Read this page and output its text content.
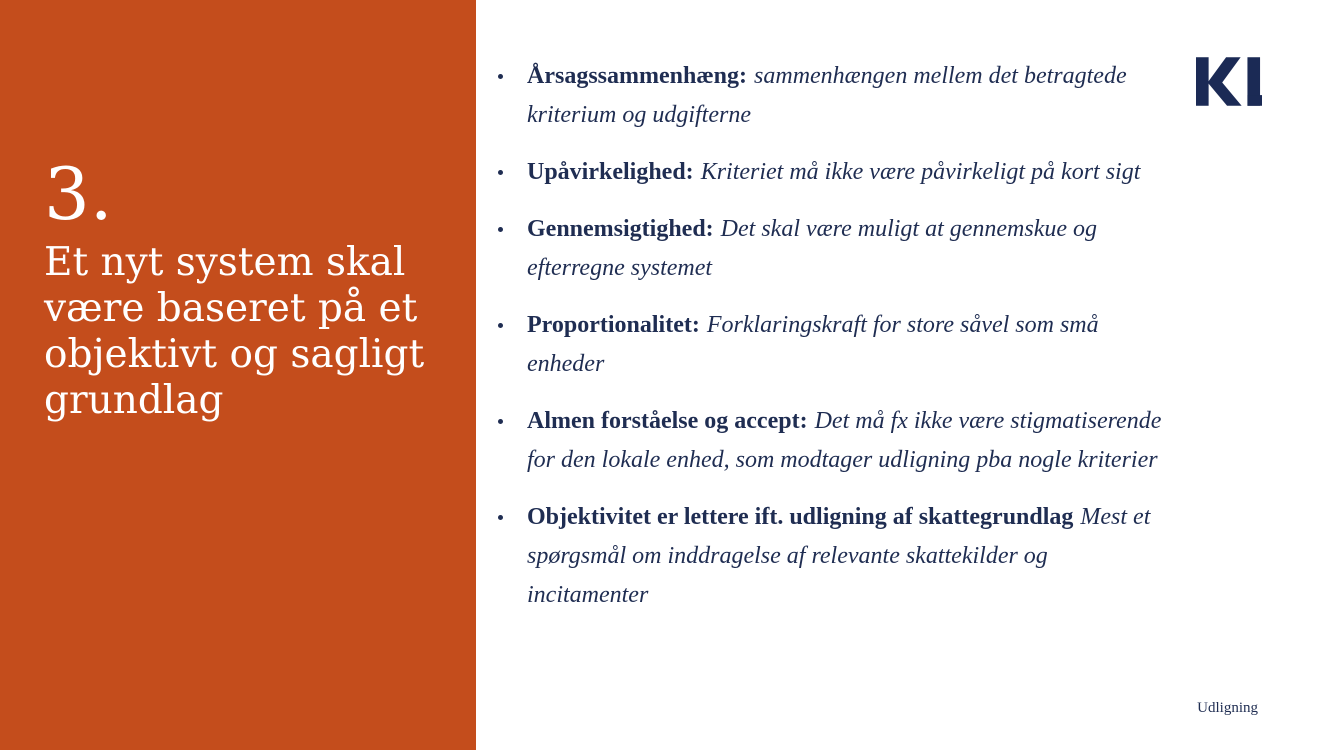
3.
Et nyt system skal
være baseret på et
objektivt og sagligt
grundlag
Årsagssammenhæng: sammenhængen mellem det betragtede kriterium og udgifterne
Upåvirkelighed: Kriteriet må ikke være påvirkeligt på kort sigt
Gennemsigtighed: Det skal være muligt at gennemskue og efterregne systemet
Proportionalitet: Forklaringskraft for store såvel som små enheder
Almen forståelse og accept: Det må fx ikke være stigmatiserende for den lokale enhed, som modtager udligning pba nogle kriterier
Objektivitet er lettere ift. udligning af skattegrundlag Mest et spørgsmål om inddragelse af relevante skattekilder og incitamenter
Udligning
